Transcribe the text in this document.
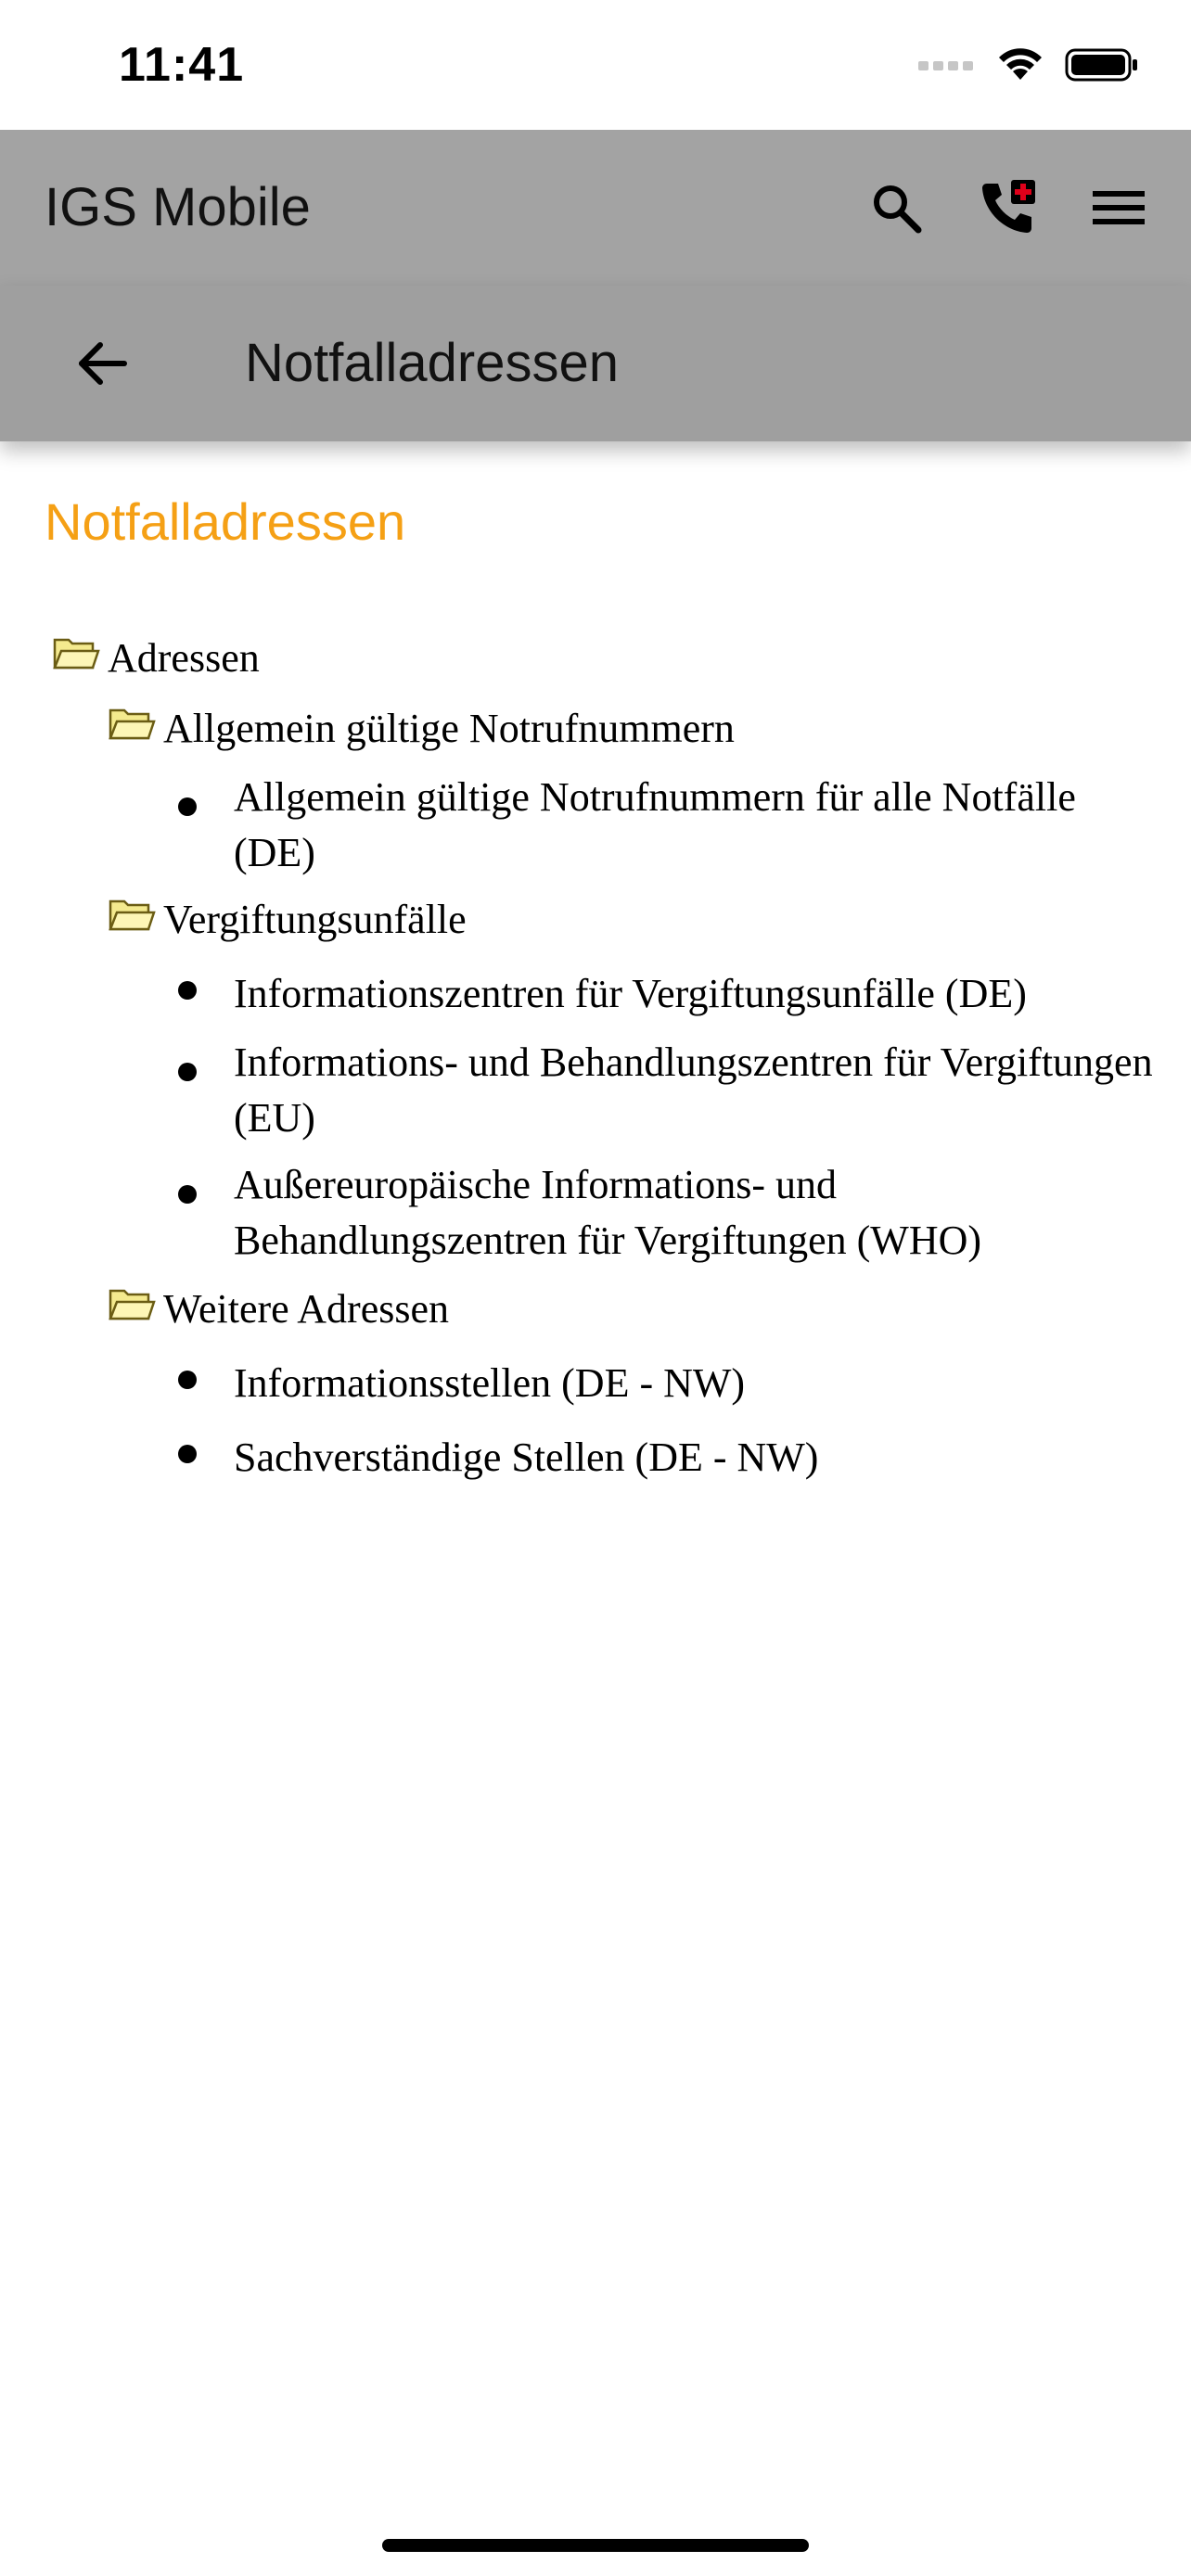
11:41
IGS Mobile
Notfalladressen
Notfalladressen
Adressen
Allgemein gültige Notrufnummern
Allgemein gültige Notrufnummern für alle Notfälle (DE)
Vergiftungsunfälle
Informationszentren für Vergiftungsunfälle (DE)
Informations- und Behandlungszentren für Vergiftungen (EU)
Außereuropäische Informations- und Behandlungszentren für Vergiftungen (WHO)
Weitere Adressen
Informationsstellen (DE - NW)
Sachverständige Stellen (DE - NW)
